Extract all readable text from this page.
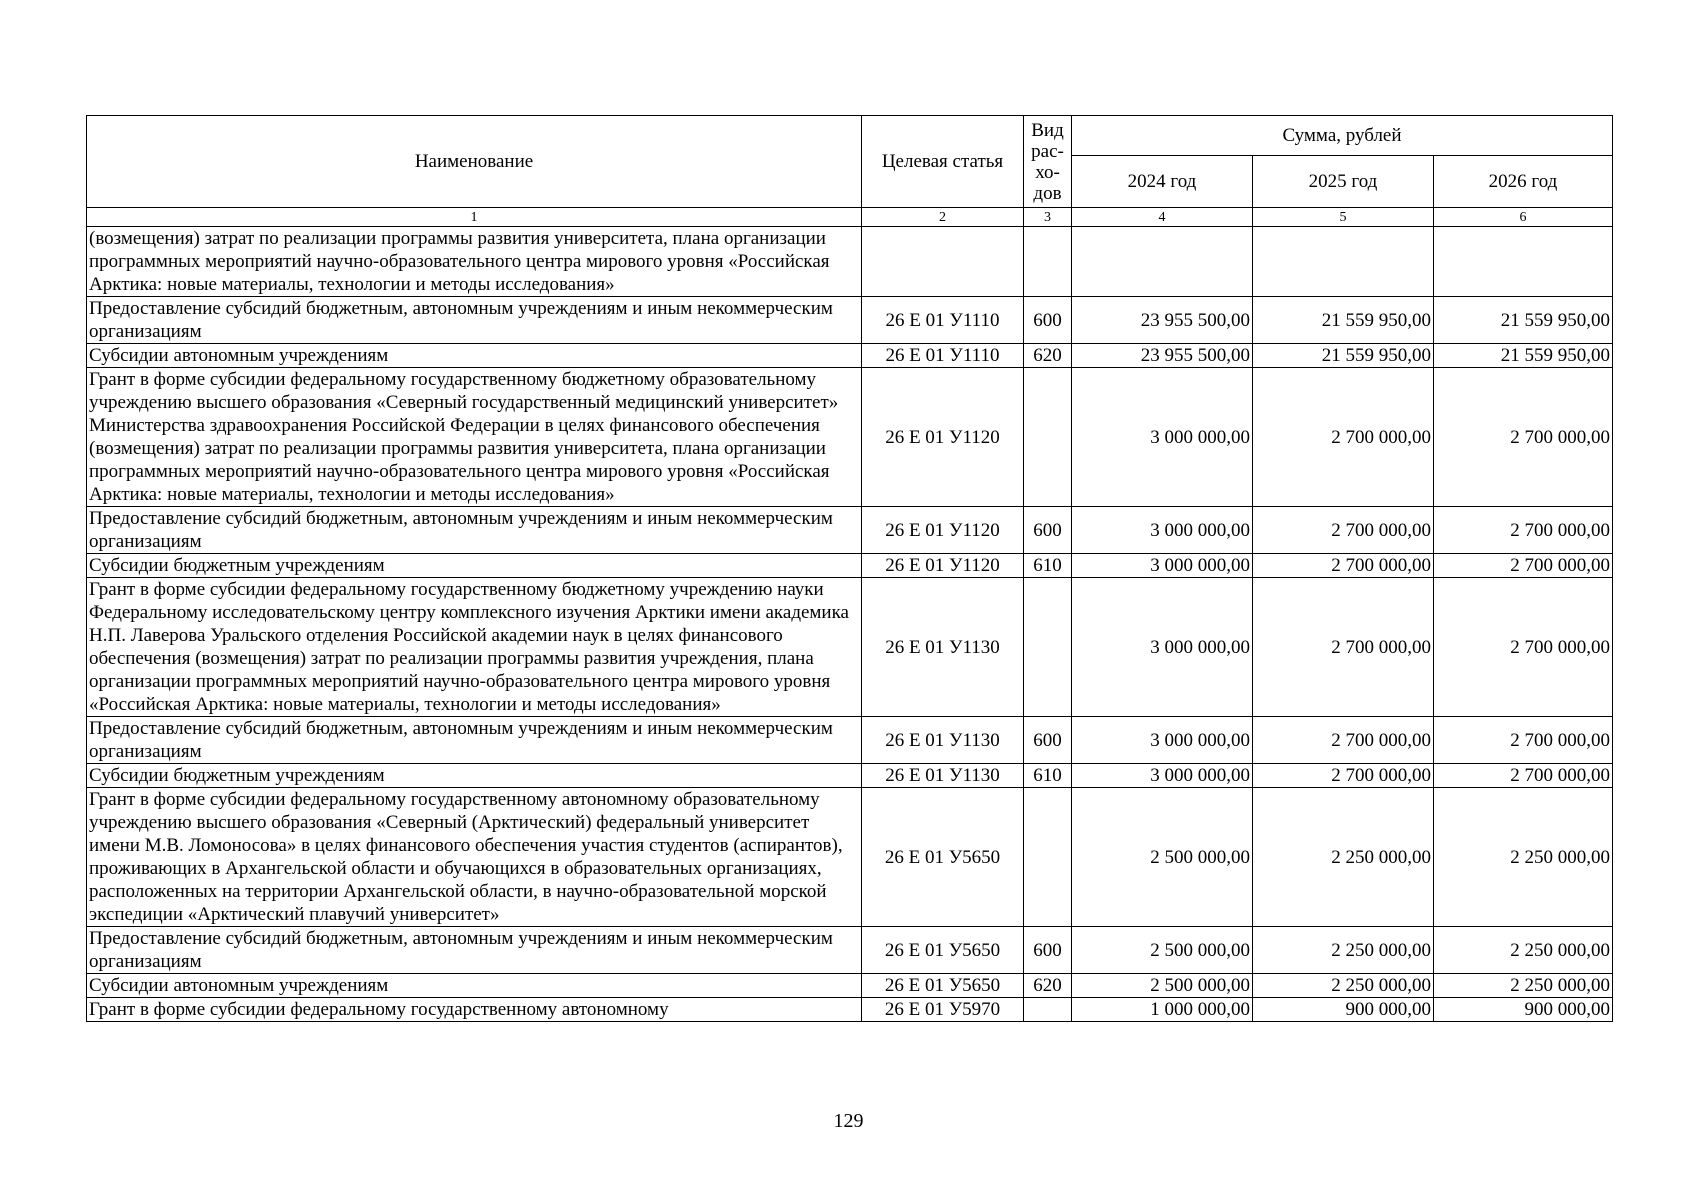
Наименование	Целевая статья	Вид
рас-
хо-
дов	Сумма, рублей		
			2024 год	2025 год	2026 год
1	2	3	4	5	6
(возмещения) затрат по реализации программы развития университета, плана организации программных мероприятий научно-образовательного центра мирового уровня «Российская Арктика: новые материалы, технологии и методы исследования»					
Предоставление субсидий бюджетным, автономным учреждениям и иным некоммерческим организациям	26 Е 01 У1110	600	23 955 500,00	21 559 950,00	21 559 950,00
Субсидии автономным учреждениям	26 Е 01 У1110	620	23 955 500,00	21 559 950,00	21 559 950,00
Грант в форме субсидии федеральному государственному бюджетному образовательному учреждению высшего образования «Северный государственный медицинский университет» Министерства здравоохранения Российской Федерации в целях финансового обеспечения (возмещения) затрат по реализации программы развития университета, плана организации программных мероприятий научно-образовательного центра мирового уровня «Российская Арктика: новые материалы, технологии и методы исследования»	26 Е 01 У1120		3 000 000,00	2 700 000,00	2 700 000,00
Предоставление субсидий бюджетным, автономным учреждениям и иным некоммерческим организациям	26 Е 01 У1120	600	3 000 000,00	2 700 000,00	2 700 000,00
Субсидии бюджетным учреждениям	26 Е 01 У1120	610	3 000 000,00	2 700 000,00	2 700 000,00
Грант в форме субсидии федеральному государственному бюджетному учреждению науки Федеральному исследовательскому центру комплексного изучения Арктики имени академика Н.П. Лаверова Уральского отделения Российской академии наук в целях финансового обеспечения (возмещения) затрат по реализации программы развития учреждения, плана организации программных мероприятий научно-образовательного центра мирового уровня «Российская Арктика: новые материалы, технологии и методы исследования»	26 Е 01 У1130		3 000 000,00	2 700 000,00	2 700 000,00
Предоставление субсидий бюджетным, автономным учреждениям и иным некоммерческим организациям	26 Е 01 У1130	600	3 000 000,00	2 700 000,00	2 700 000,00
Субсидии бюджетным учреждениям	26 Е 01 У1130	610	3 000 000,00	2 700 000,00	2 700 000,00
Грант в форме субсидии федеральному государственному автономному образовательному учреждению высшего образования «Северный (Арктический) федеральный университет имени М.В. Ломоносова» в целях финансового обеспечения участия студентов (аспирантов), проживающих в Архангельской области и обучающихся в образовательных организациях, расположенных на территории Архангельской области, в научно-образовательной морской экспедиции «Арктический плавучий университет»	26 Е 01 У5650		2 500 000,00	2 250 000,00	2 250 000,00
Предоставление субсидий бюджетным, автономным учреждениям и иным некоммерческим организациям	26 Е 01 У5650	600	2 500 000,00	2 250 000,00	2 250 000,00
Субсидии автономным учреждениям	26 Е 01 У5650	620	2 500 000,00	2 250 000,00	2 250 000,00
Грант в форме субсидии федеральному государственному автономному	26 Е 01 У5970		1 000 000,00	900 000,00	900 000,00
129
